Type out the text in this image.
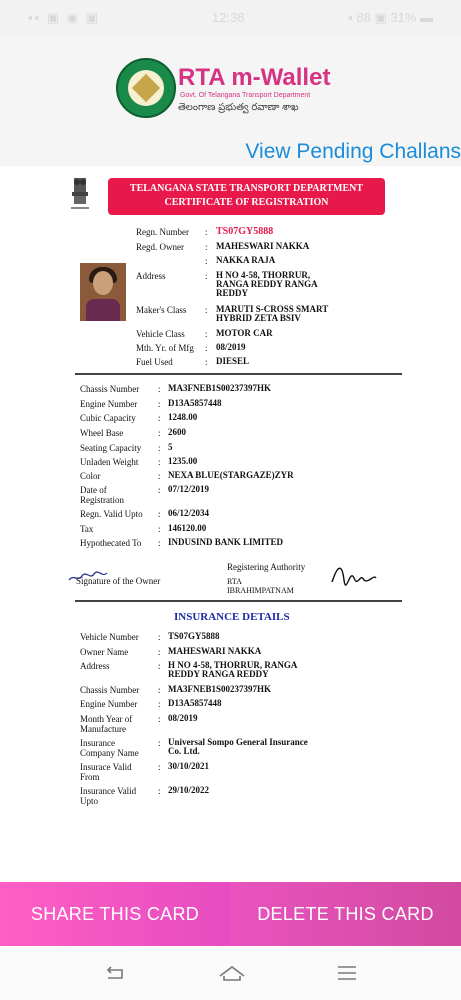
▪▪ ▣ ◉ ▣	12:38	▪ 88 ▣ 31% ▬
RTA m-Wallet
Govt. Of Telangana Transport Department
తెలంగాణ ప్రభుత్వ రవాణా శాఖ
View Pending Challans
TELANGANA STATE TRANSPORT DEPARTMENT
CERTIFICATE OF REGISTRATION
Regn. Number : TS07GY5888
Regd. Owner : MAHESWARI NAKKA
: NAKKA RAJA
Address	: H NO 4-58, THORRUR,
RANGA REDDY RANGA
REDDY
Maker's Class : MARUTI S-CROSS SMART
HYBRID ZETA BSIV
Vehicle Class : MOTOR CAR
Mth. Yr. of Mfg : 08/2019
Fuel Used	: DIESEL
Chassis Number : MA3FNEB1S00237397HK
Engine Number : D13A5857448
Cubic Capacity : 1248.00
Wheel Base	: 2600
Seating Capacity : 5
Unladen Weight : 1235.00
Color	: NEXA BLUE(STARGAZE)ZYR
Date of
Registration
: 07/12/2019
Regn. Valid Upto : 06/12/2034
Tax	: 146120.00
Hypothecated To : INDUSIND BANK LIMITED
Signature of the Owner
Registering Authority
RTA
IBRAHIMPATNAM
INSURANCE DETAILS
Vehicle Number : TS07GY5888
Owner Name	: MAHESWARI NAKKA
Address	: H NO 4-58, THORRUR, RANGA
REDDY RANGA REDDY
Chassis Number : MA3FNEB1S00237397HK
Engine Number : D13A5857448
Month Year of
Manufacture
: 08/2019
Insurance
Company Name
: Universal Sompo General Insurance
Co. Ltd.
Insurace Valid
From
: 30/10/2021
Insurance Valid
Upto
: 29/10/2022
SHARE THIS CARD	DELETE THIS CARD
